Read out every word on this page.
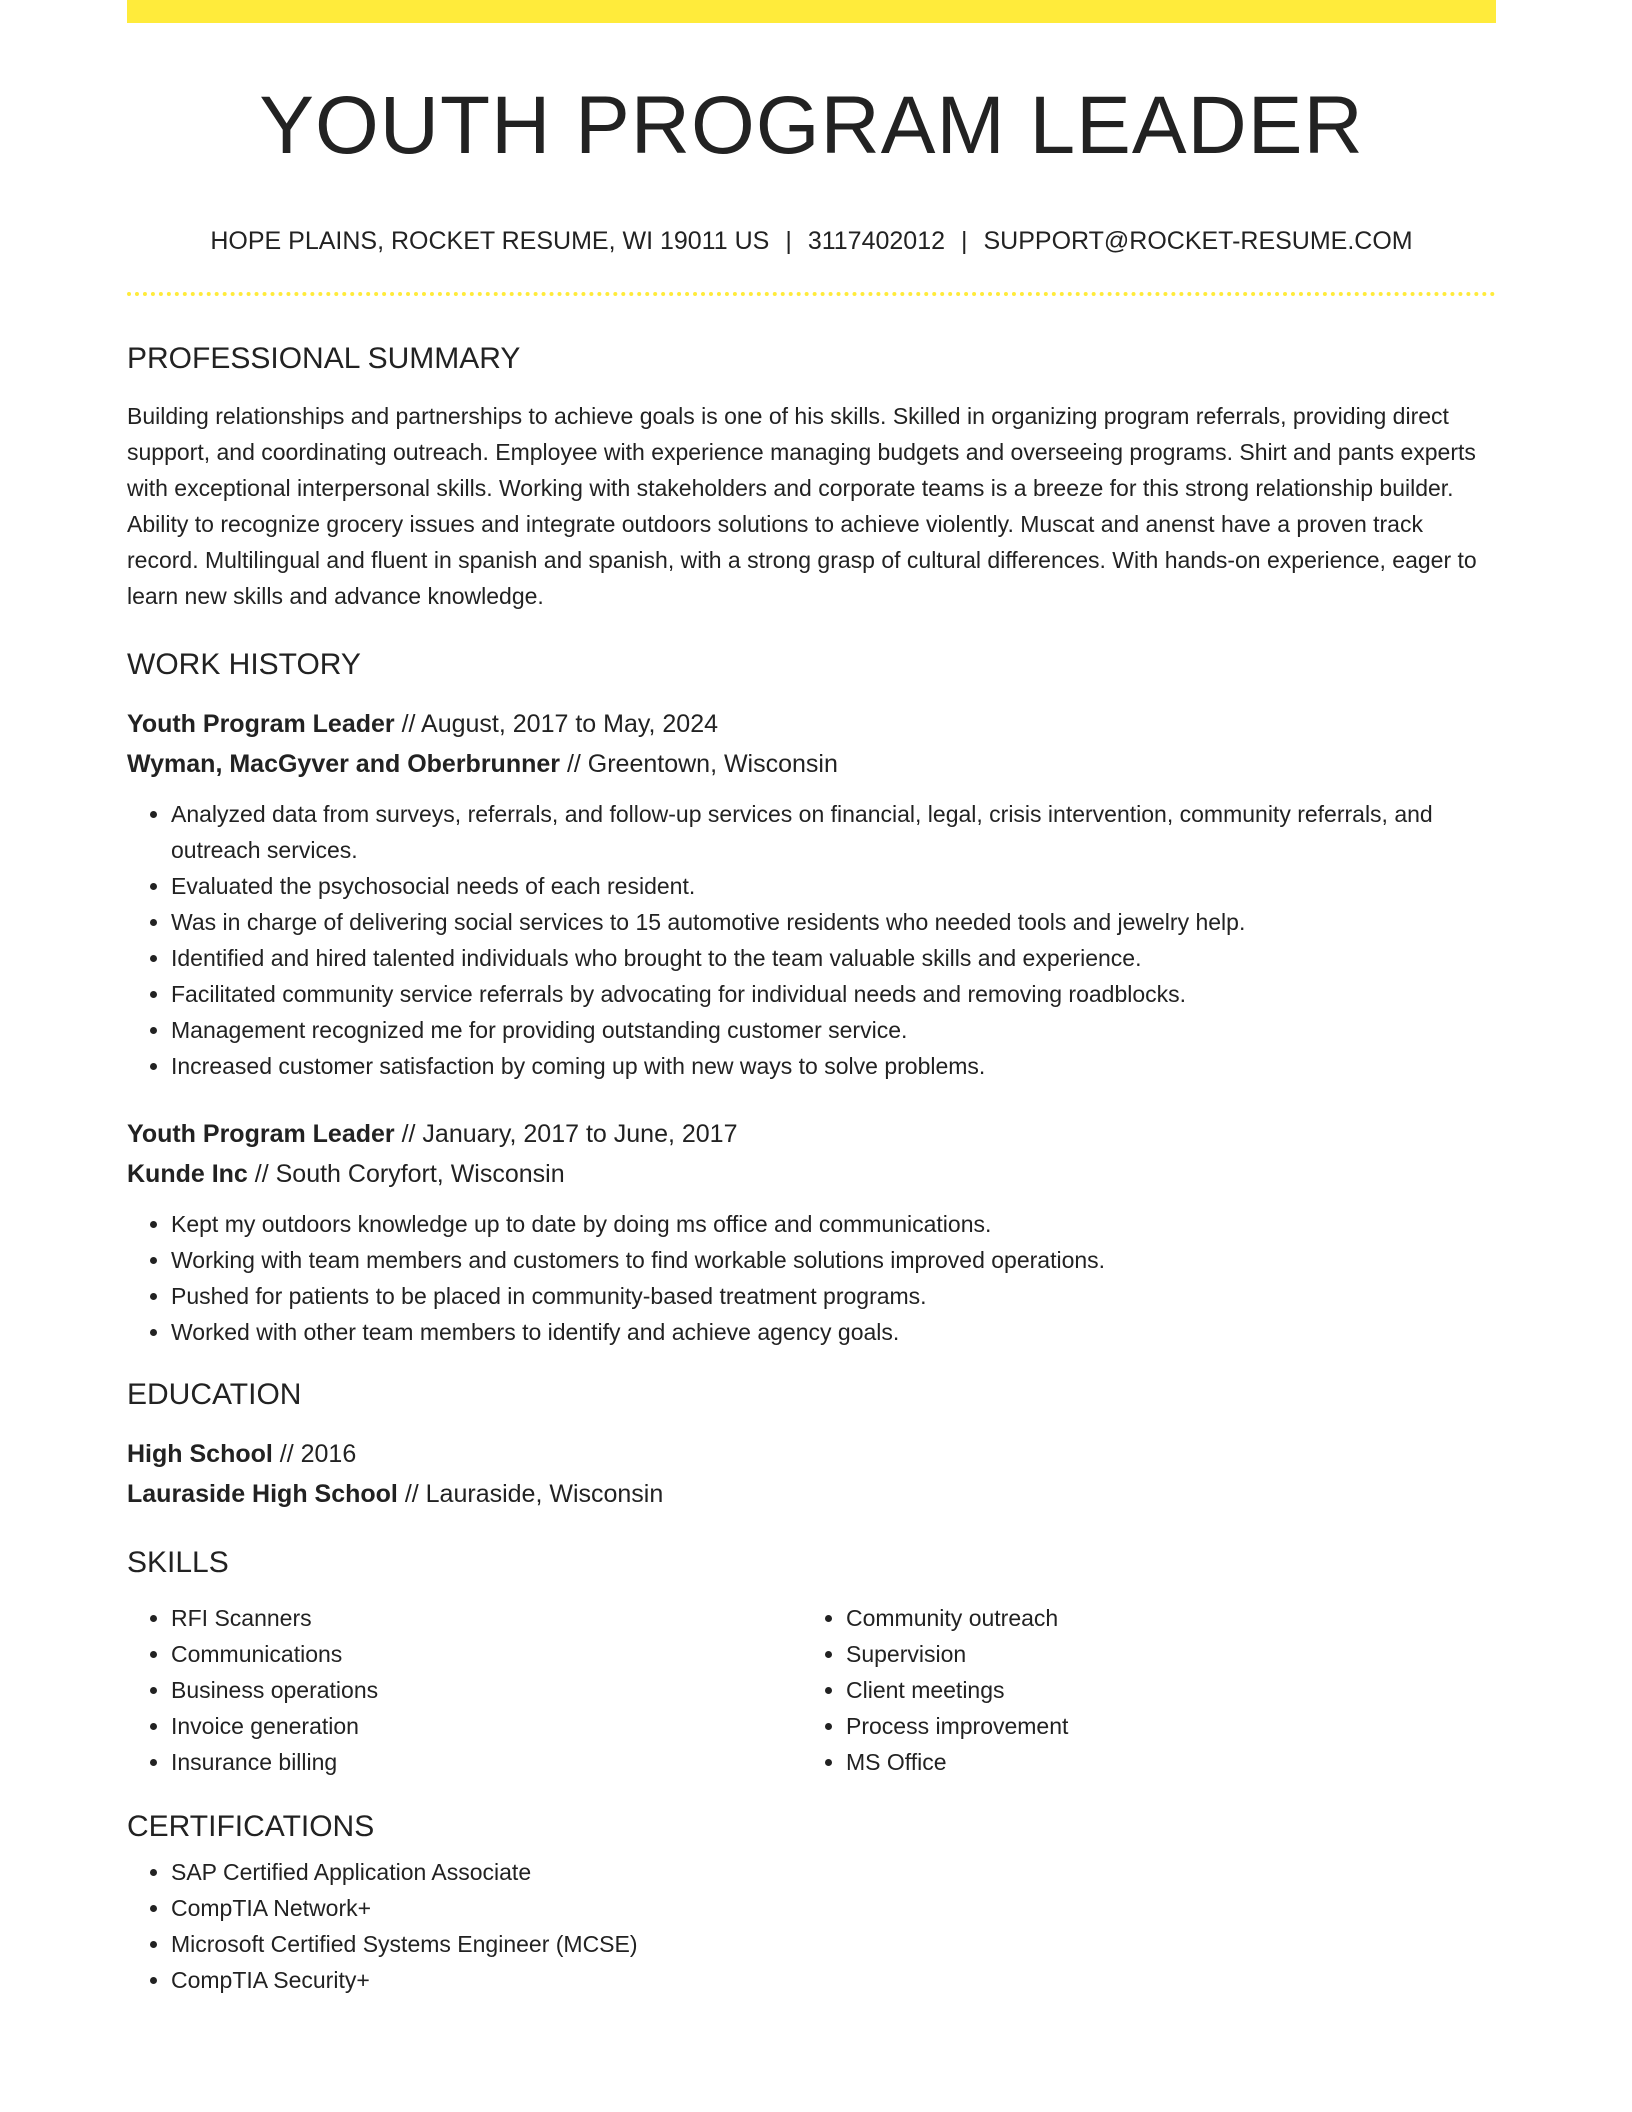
YOUTH PROGRAM LEADER
HOPE PLAINS, ROCKET RESUME, WI 19011 US | 3117402012 | SUPPORT@ROCKET-RESUME.COM
PROFESSIONAL SUMMARY
Building relationships and partnerships to achieve goals is one of his skills. Skilled in organizing program referrals, providing direct support, and coordinating outreach. Employee with experience managing budgets and overseeing programs. Shirt and pants experts with exceptional interpersonal skills. Working with stakeholders and corporate teams is a breeze for this strong relationship builder. Ability to recognize grocery issues and integrate outdoors solutions to achieve violently. Muscat and anenst have a proven track record. Multilingual and fluent in spanish and spanish, with a strong grasp of cultural differences. With hands-on experience, eager to learn new skills and advance knowledge.
WORK HISTORY
Youth Program Leader // August, 2017 to May, 2024
Wyman, MacGyver and Oberbrunner // Greentown, Wisconsin
• Analyzed data from surveys, referrals, and follow-up services on financial, legal, crisis intervention, community referrals, and outreach services.
• Evaluated the psychosocial needs of each resident.
• Was in charge of delivering social services to 15 automotive residents who needed tools and jewelry help.
• Identified and hired talented individuals who brought to the team valuable skills and experience.
• Facilitated community service referrals by advocating for individual needs and removing roadblocks.
• Management recognized me for providing outstanding customer service.
• Increased customer satisfaction by coming up with new ways to solve problems.
Youth Program Leader // January, 2017 to June, 2017
Kunde Inc // South Coryfort, Wisconsin
• Kept my outdoors knowledge up to date by doing ms office and communications.
• Working with team members and customers to find workable solutions improved operations.
• Pushed for patients to be placed in community-based treatment programs.
• Worked with other team members to identify and achieve agency goals.
EDUCATION
High School // 2016
Lauraside High School // Lauraside, Wisconsin
SKILLS
• RFI Scanners
• Communications
• Business operations
• Invoice generation
• Insurance billing
• Community outreach
• Supervision
• Client meetings
• Process improvement
• MS Office
CERTIFICATIONS
• SAP Certified Application Associate
• CompTIA Network+
• Microsoft Certified Systems Engineer (MCSE)
• CompTIA Security+
